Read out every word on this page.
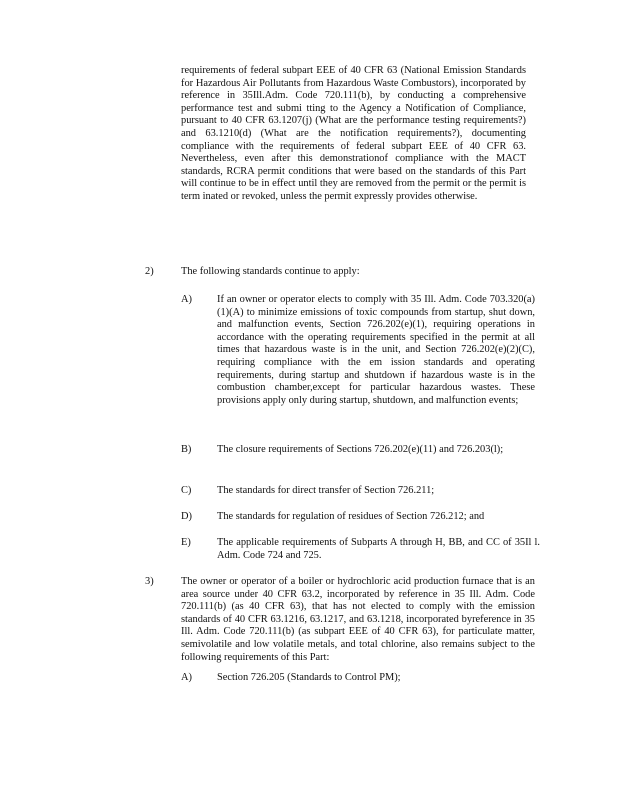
requirements of federal subpart EEE of 40 CFR 63 (National Emission Standards for Hazardous Air Pollutants from Hazardous Waste Combustors), incorporated by reference in 35Ill.Adm. Code 720.111(b), by conducting a comprehensive performance test and submi tting to the Agency a Notification of Compliance, pursuant to 40 CFR 63.1207(j) (What are the performance testing requirements?) and 63.1210(d) (What are the notification requirements?), documenting compliance with the requirements of federal subpart EEE of 40 CFR 63. Nevertheless, even after this demonstrationof compliance with the MACT standards, RCRA permit conditions that were based on the standards of this Part will continue to be in effect until they are removed from the permit or the permit is term inated or revoked, unless the permit expressly provides otherwise.

2)	The following standards continue to apply:

A) If an owner or operator elects to comply with 35 Ill. Adm. Code 703.320(a)(1)(A) to minimize emissions of toxic compounds from startup, shut down, and malfunction events, Section 726.202(e)(1), requiring operations in accordance with the operating requirements specified in the permit at all times that hazardous waste is in the unit, and Section 726.202(e)(2)(C), requiring compliance with the em ission standards and operating requirements, during startup and shutdown if hazardous waste is in the combustion chamber,except for particular hazardous wastes. These provisions apply only during startup, shutdown, and malfunction events;

B) The closure requirements of Sections 726.202(e)(11) and 726.203(l);

C) The standards for direct transfer of Section 726.211;

D) The standards for regulation of residues of Section 726.212; and

E)	The applicable requirements of Subparts A through H, BB, and CC of 35Il l. Adm. Code 724 and 725.

3)	The owner or operator of a boiler or hydrochloric acid production furnace that is an area source under 40 CFR 63.2, incorporated by reference in 35 Ill. Adm. Code 720.111(b) (as 40 CFR 63), that has not elected to comply with the emission standards of 40 CFR 63.1216, 63.1217, and 63.1218, incorporated byreference in 35 Ill. Adm. Code 720.111(b) (as subpart EEE of 40 CFR 63), for particulate matter, semivolatile and low volatile metals, and total chlorine, also remains subject to the following requirements of this Part:

A) Section 726.205 (Standards to Control PM);
